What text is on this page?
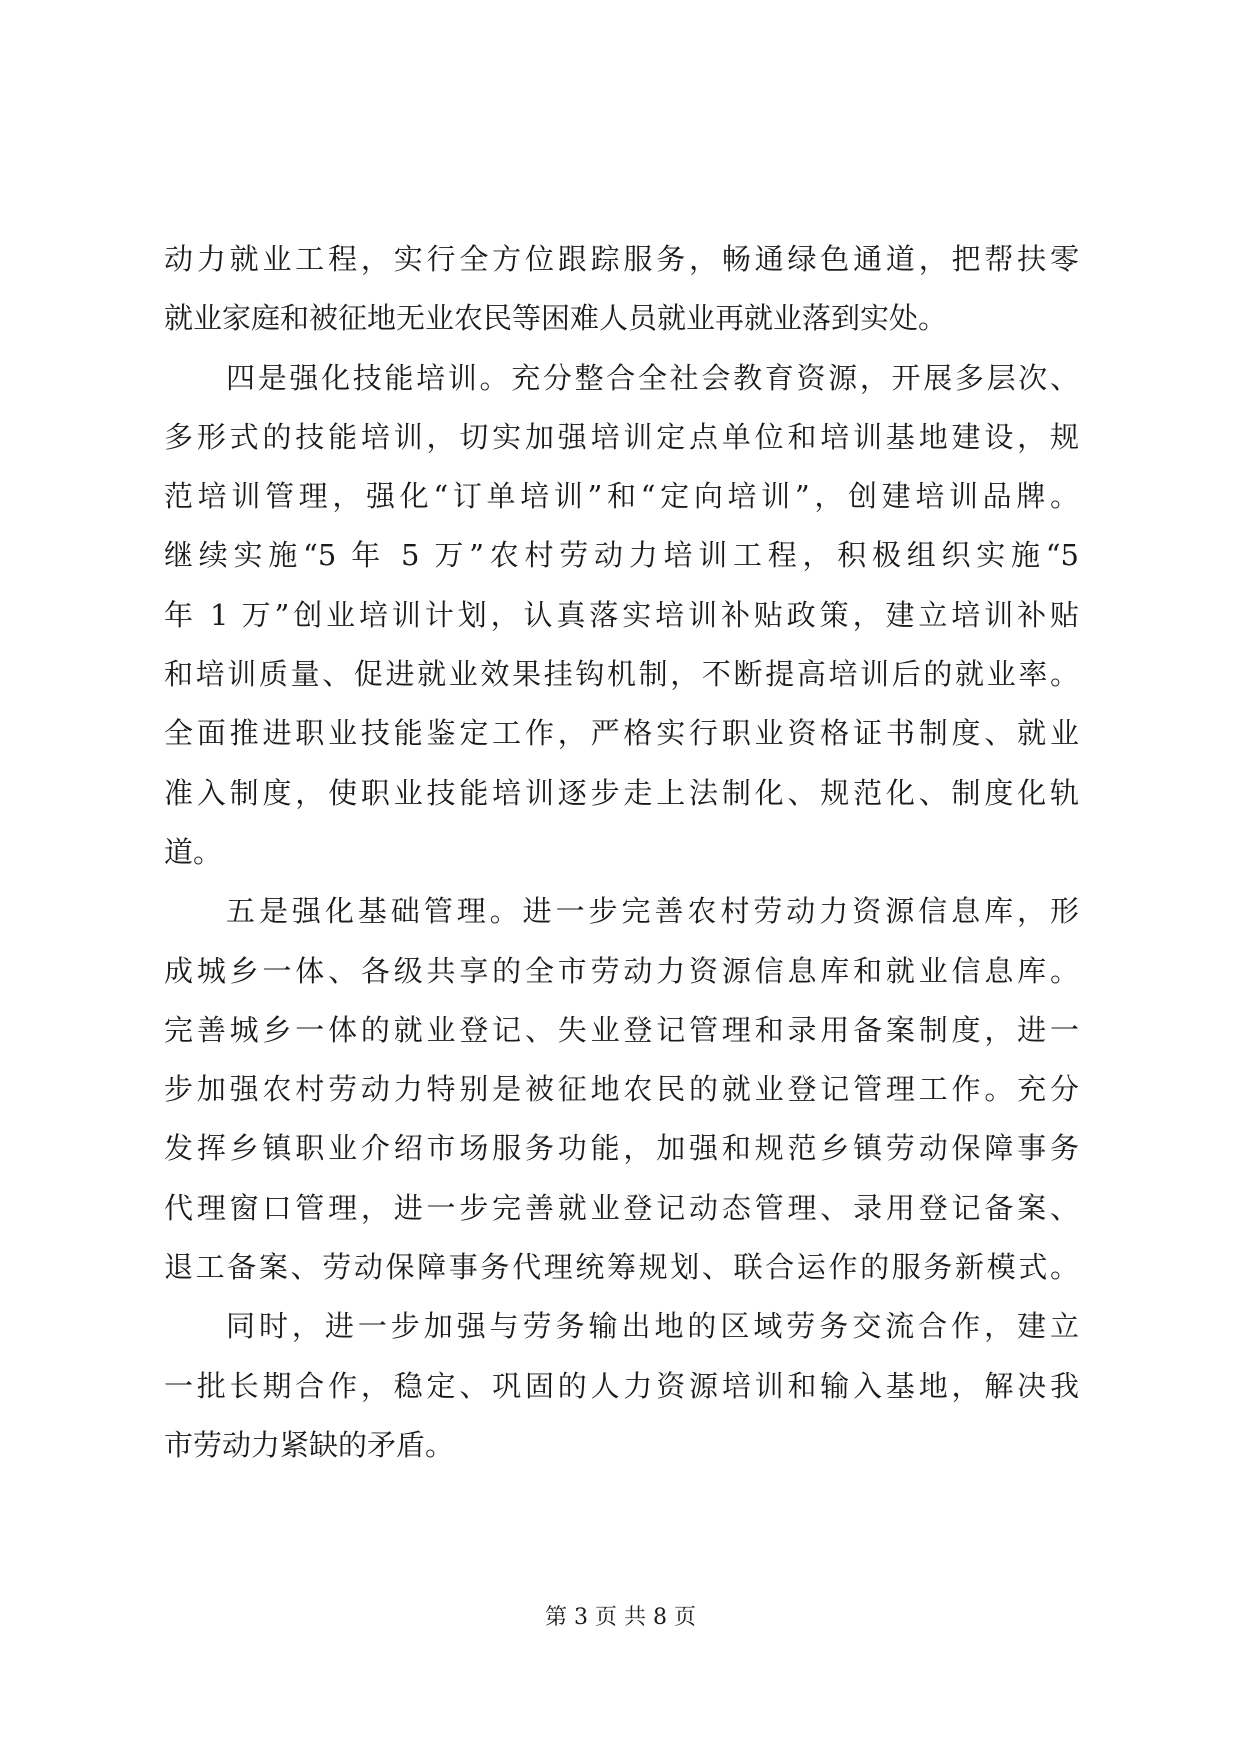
动力就业工程，实行全方位跟踪服务，畅通绿色通道，把帮扶零
就业家庭和被征地无业农民等困难人员就业再就业落到实处。
四是强化技能培训。充分整合全社会教育资源，开展多层次、
多形式的技能培训，切实加强培训定点单位和培训基地建设，规
范培训管理，强化“订单培训”和“定向培训”，创建培训品牌。
继续实施“5 年 5 万”农村劳动力培训工程，积极组织实施“5
年 1 万”创业培训计划，认真落实培训补贴政策，建立培训补贴
和培训质量、促进就业效果挂钩机制，不断提高培训后的就业率。
全面推进职业技能鉴定工作，严格实行职业资格证书制度、就业
准入制度，使职业技能培训逐步走上法制化、规范化、制度化轨
道。
五是强化基础管理。进一步完善农村劳动力资源信息库，形
成城乡一体、各级共享的全市劳动力资源信息库和就业信息库。
完善城乡一体的就业登记、失业登记管理和录用备案制度，进一
步加强农村劳动力特别是被征地农民的就业登记管理工作。充分
发挥乡镇职业介绍市场服务功能，加强和规范乡镇劳动保障事务
代理窗口管理，进一步完善就业登记动态管理、录用登记备案、
退工备案、劳动保障事务代理统筹规划、联合运作的服务新模式。
同时，进一步加强与劳务输出地的区域劳务交流合作，建立
一批长期合作，稳定、巩固的人力资源培训和输入基地，解决我
市劳动力紧缺的矛盾。
第 3 页 共 8 页
